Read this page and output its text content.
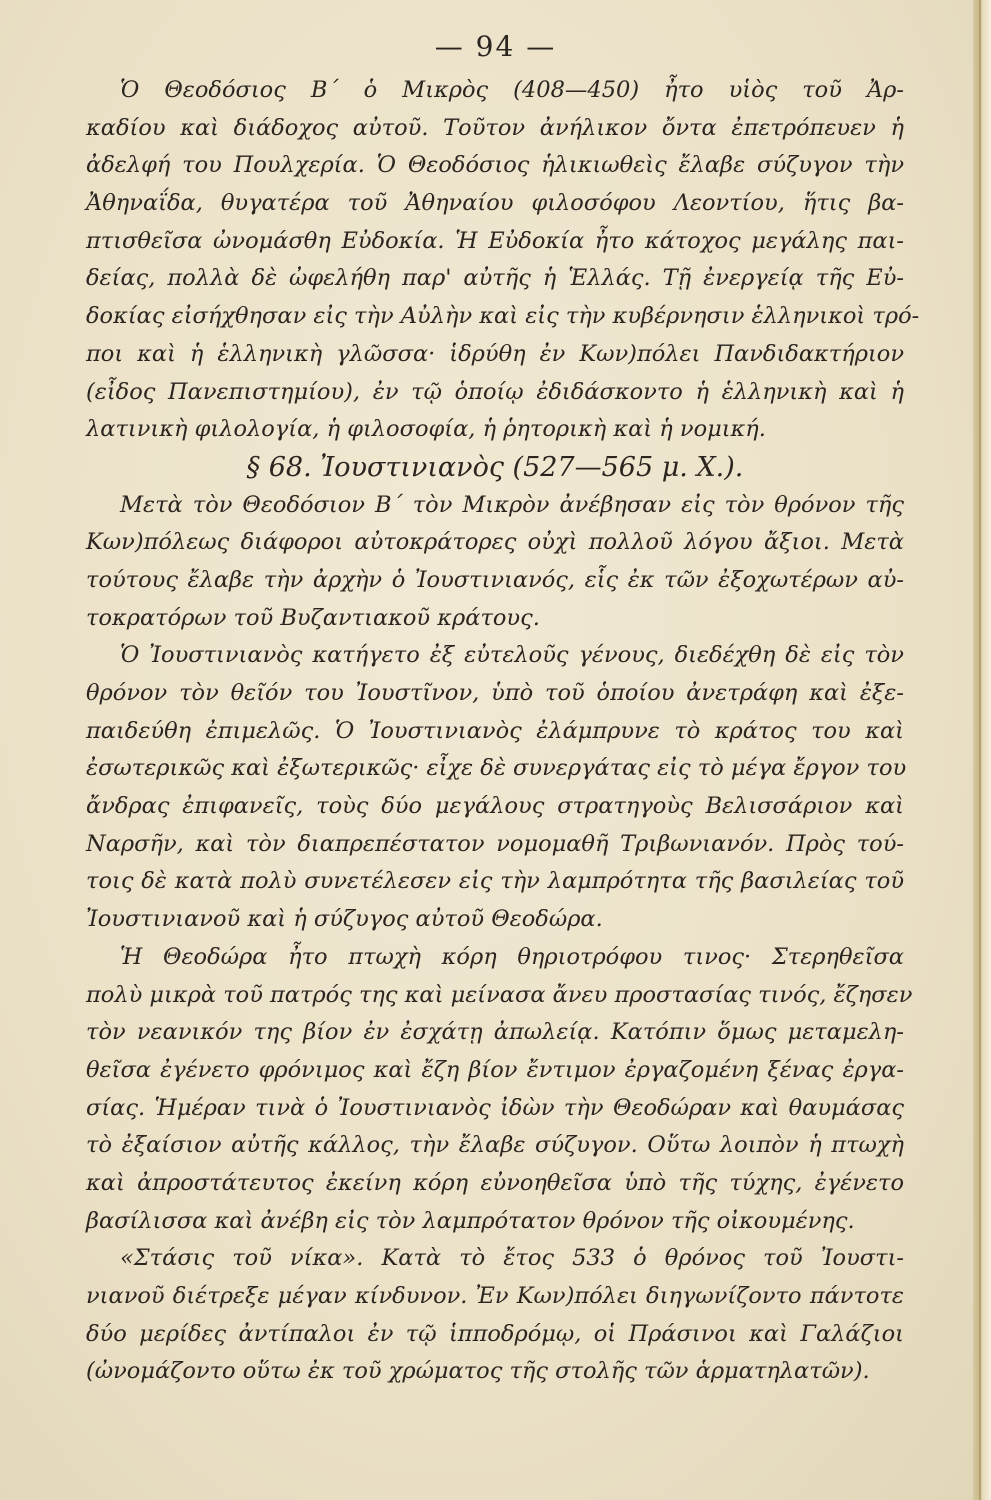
— 94 —
Ὁ Θεοδόσιος Β΄ ὁ Μικρὸς (408—450) ἦτο υἱὸς τοῦ Ἀρ-
καδίου καὶ διάδοχος αὐτοῦ. Τοῦτον ἀνήλικον ὄντα ἐπετρόπευεν ἡ
ἀδελφή του Πουλχερία. Ὁ Θεοδόσιος ἡλικιωθεὶς ἔλαβε σύζυγον τὴν
Ἀθηναΐδα, θυγατέρα τοῦ Ἀθηναίου φιλοσόφου Λεοντίου, ἥτις βα-
πτισθεῖσα ὠνομάσθη Εὐδοκία. Ἡ Εὐδοκία ἦτο κάτοχος μεγάλης παι-
δείας, πολλὰ δὲ ὠφελήθη παρ' αὐτῆς ἡ Ἑλλάς. Τῇ ἐνεργείᾳ τῆς Εὐ-
δοκίας εἰσήχθησαν εἰς τὴν Αὐλὴν καὶ εἰς τὴν κυβέρνησιν ἑλληνικοὶ τρό-
ποι καὶ ἡ ἑλληνικὴ γλῶσσα· ἱδρύθη ἐν Κων)πόλει Πανδιδακτήριον
(εἶδος Πανεπιστημίου), ἐν τῷ ὁποίῳ ἐδιδάσκοντο ἡ ἑλληνικὴ καὶ ἡ
λατινικὴ φιλολογία, ἡ φιλοσοφία, ἡ ῥητορικὴ καὶ ἡ νομική.
§ 68. Ἰουστινιανὸς (527—565 μ. Χ.).
Μετὰ τὸν Θεοδόσιον Β΄ τὸν Μικρὸν ἀνέβησαν εἰς τὸν θρόνον τῆς
Κων)πόλεως διάφοροι αὐτοκράτορες οὐχὶ πολλοῦ λόγου ἄξιοι. Μετὰ
τούτους ἔλαβε τὴν ἀρχὴν ὁ Ἰουστινιανός, εἷς ἐκ τῶν ἐξοχωτέρων αὐ-
τοκρατόρων τοῦ Βυζαντιακοῦ κράτους.
Ὁ Ἰουστινιανὸς κατήγετο ἐξ εὐτελοῦς γένους, διεδέχθη δὲ εἰς τὸν
θρόνον τὸν θεῖόν του Ἰουστῖνον, ὑπὸ τοῦ ὁποίου ἀνετράφη καὶ ἐξε-
παιδεύθη ἐπιμελῶς. Ὁ Ἰουστινιανὸς ἐλάμπρυνε τὸ κράτος του καὶ
ἐσωτερικῶς καὶ ἐξωτερικῶς· εἶχε δὲ συνεργάτας εἰς τὸ μέγα ἔργον του
ἄνδρας ἐπιφανεῖς, τοὺς δύο μεγάλους στρατηγοὺς Βελισσάριον καὶ
Ναρσῆν, καὶ τὸν διαπρεπέστατον νομομαθῆ Τριβωνιανόν. Πρὸς τού-
τοις δὲ κατὰ πολὺ συνετέλεσεν εἰς τὴν λαμπρότητα τῆς βασιλείας τοῦ
Ἰουστινιανοῦ καὶ ἡ σύζυγος αὐτοῦ Θεοδώρα.
Ἡ Θεοδώρα ἦτο πτωχὴ κόρη θηριοτρόφου τινος· Στερηθεῖσα
πολὺ μικρὰ τοῦ πατρός της καὶ μείνασα ἄνευ προστασίας τινός, ἔζησεν
τὸν νεανικόν της βίον ἐν ἐσχάτῃ ἀπωλείᾳ. Κατόπιν ὅμως μεταμελη-
θεῖσα ἐγένετο φρόνιμος καὶ ἔζη βίον ἔντιμον ἐργαζομένη ξένας ἐργα-
σίας. Ἡμέραν τινὰ ὁ Ἰουστινιανὸς ἰδὼν τὴν Θεοδώραν καὶ θαυμάσας
τὸ ἐξαίσιον αὐτῆς κάλλος, τὴν ἔλαβε σύζυγον. Οὕτω λοιπὸν ἡ πτωχὴ
καὶ ἀπροστάτευτος ἐκείνη κόρη εὐνοηθεῖσα ὑπὸ τῆς τύχης, ἐγένετο
βασίλισσα καὶ ἀνέβη εἰς τὸν λαμπρότατον θρόνον τῆς οἰκουμένης.
«Στάσις τοῦ νίκα». Κατὰ τὸ ἔτος 533 ὁ θρόνος τοῦ Ἰουστι-
νιανοῦ διέτρεξε μέγαν κίνδυνον. Ἐν Κων)πόλει διηγωνίζοντο πάντοτε
δύο μερίδες ἀντίπαλοι ἐν τῷ ἱπποδρόμῳ, οἱ Πράσινοι καὶ Γαλάζιοι
(ὠνομάζοντο οὕτω ἐκ τοῦ χρώματος τῆς στολῆς τῶν ἁρματηλατῶν).
